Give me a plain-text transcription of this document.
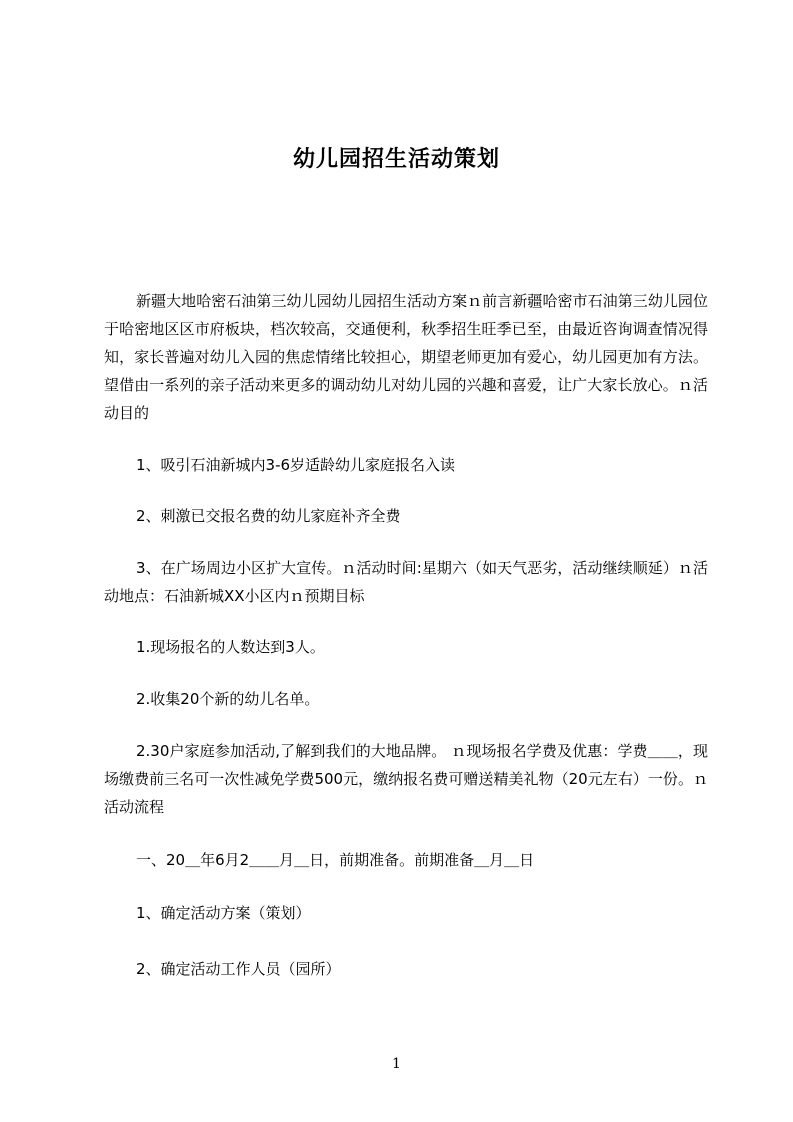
幼儿园招生活动策划
新疆大地哈密石油第三幼儿园幼儿园招生活动方案ｎ前言新疆哈密市石油第三幼儿园位于哈密地区区市府板块，档次较高，交通便利，秋季招生旺季已至，由最近咨询调查情况得知，家长普遍对幼儿入园的焦虑情绪比较担心，期望老师更加有爱心，幼儿园更加有方法。望借由一系列的亲子活动来更多的调动幼儿对幼儿园的兴趣和喜爱，让广大家长放心。ｎ活动目的
1、吸引石油新城内3-6岁适龄幼儿家庭报名入读
2、刺激已交报名费的幼儿家庭补齐全费
3、在广场周边小区扩大宣传。ｎ活动时间:星期六（如天气恶劣，活动继续顺延）ｎ活动地点：石油新城XX小区内ｎ预期目标
1.现场报名的人数达到3人。
2.收集20个新的幼儿名单。
2.30户家庭参加活动,了解到我们的大地品牌。 ｎ现场报名学费及优惠：学费＿＿，现场缴费前三名可一次性减免学费500元，缴纳报名费可赠送精美礼物（20元左右）一份。ｎ活动流程
一、20＿年6月2＿＿月＿日，前期准备。前期准备＿月＿日
1、确定活动方案（策划）
2、确定活动工作人员（园所）
1
